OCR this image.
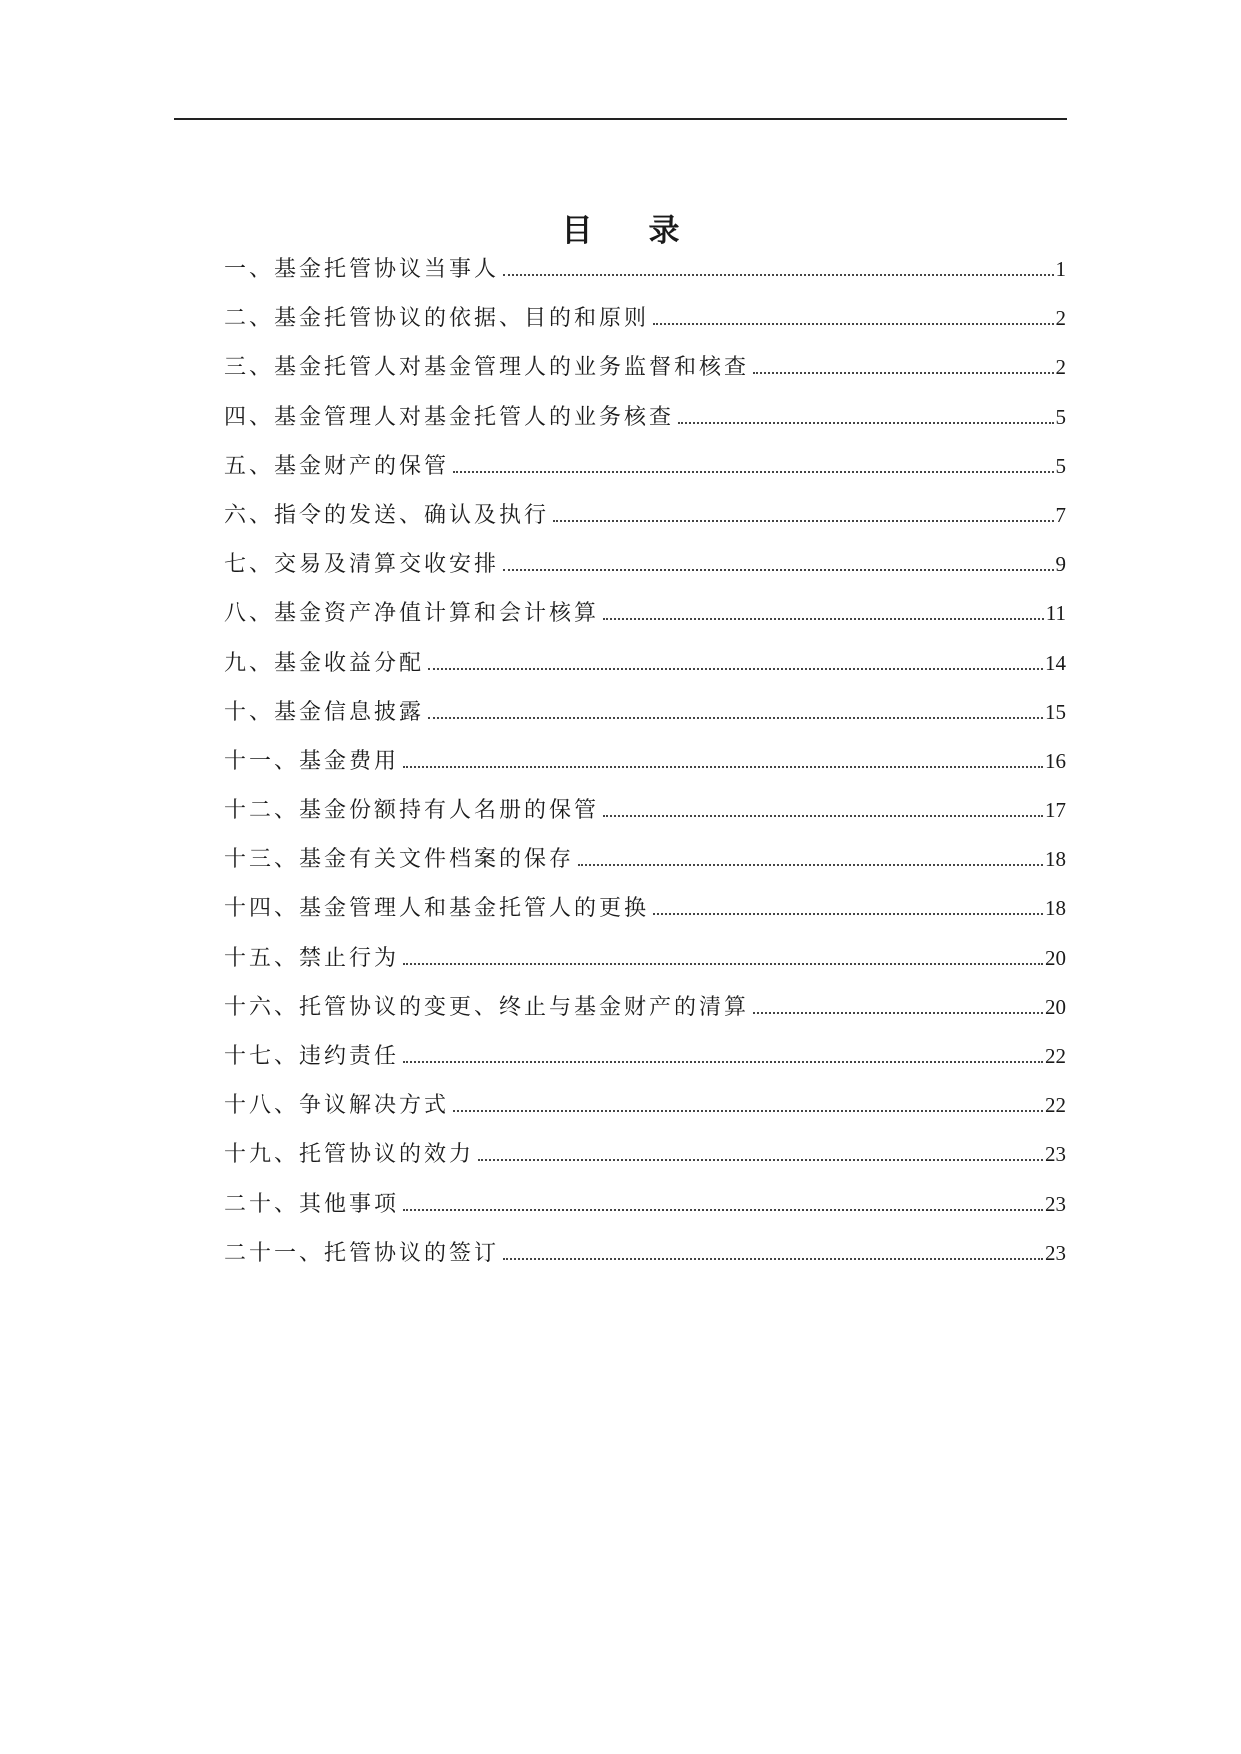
目录
一、基金托管协议当事人	1
二、基金托管协议的依据、目的和原则	2
三、基金托管人对基金管理人的业务监督和核查	2
四、基金管理人对基金托管人的业务核查	5
五、基金财产的保管	5
六、指令的发送、确认及执行	7
七、交易及清算交收安排	9
八、基金资产净值计算和会计核算	11
九、基金收益分配	14
十、基金信息披露	15
十一、基金费用	16
十二、基金份额持有人名册的保管	17
十三、基金有关文件档案的保存	18
十四、基金管理人和基金托管人的更换	18
十五、禁止行为	20
十六、托管协议的变更、终止与基金财产的清算	20
十七、违约责任	22
十八、争议解决方式	22
十九、托管协议的效力	23
二十、其他事项	23
二十一、托管协议的签订	23
